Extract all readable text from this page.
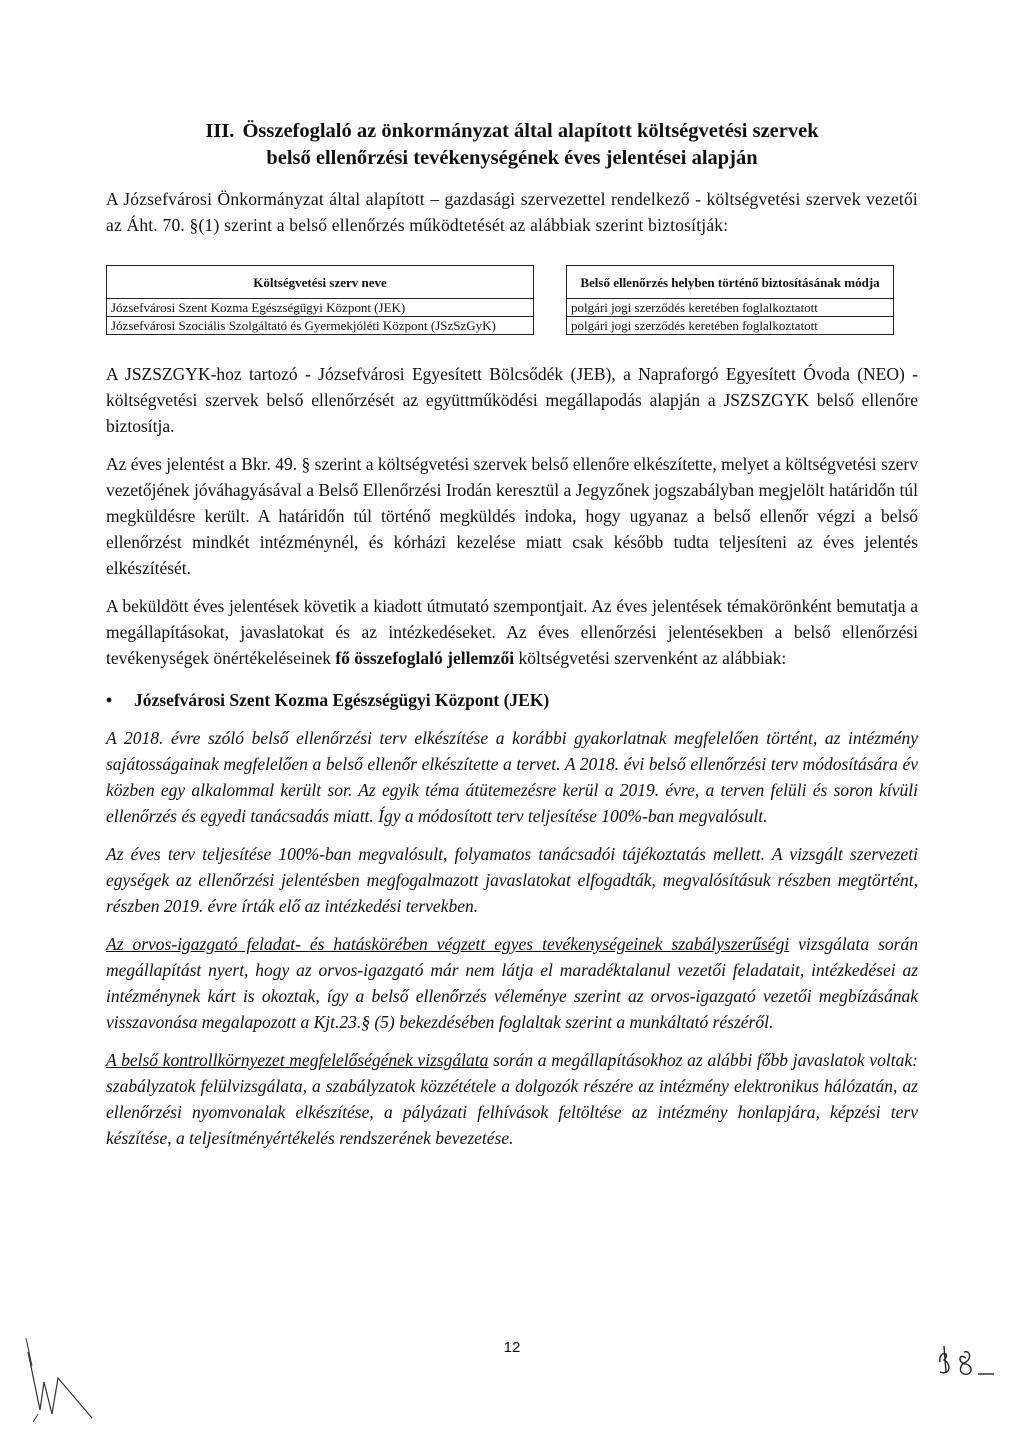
III. Összefoglaló az önkormányzat által alapított költségvetési szervek
belső ellenőrzési tevékenységének éves jelentései alapján

A Józsefvárosi Önkormányzat által alapított – gazdasági szervezettel rendelkező - költségvetési szervek vezetői az Áht. 70. §(1) szerint a belső ellenőrzés működtetését az alábbiak szerint biztosítják:

Költségvetési szerv neve		Belső ellenőrzés helyben történő biztosításának módja
Józsefvárosi Szent Kozma Egészségügyi Központ (JEK)		polgári jogi szerződés keretében foglalkoztatott
Józsefvárosi Szociális Szolgáltató és Gyermekjóléti Központ (JSzSzGyK)		polgári jogi szerződés keretében foglalkoztatott

A JSZSZGYK-hoz tartozó - Józsefvárosi Egyesített Bölcsődék (JEB), a Napraforgó Egyesített Óvoda (NEO) - költségvetési szervek belső ellenőrzését az együttműködési megállapodás alapján a JSZSZGYK belső ellenőre biztosítja.

Az éves jelentést a Bkr. 49. § szerint a költségvetési szervek belső ellenőre elkészítette, melyet a költségvetési szerv vezetőjének jóváhagyásával a Belső Ellenőrzési Irodán keresztül a Jegyzőnek jogszabályban megjelölt határidőn túl megküldésre került. A határidőn túl történő megküldés indoka, hogy ugyanaz a belső ellenőr végzi a belső ellenőrzést mindkét intézménynél, és kórházi kezelése miatt csak később tudta teljesíteni az éves jelentés elkészítését.

A beküldött éves jelentések követik a kiadott útmutató szempontjait. Az éves jelentések témakörönként bemutatja a megállapításokat, javaslatokat és az intézkedéseket. Az éves ellenőrzési jelentésekben a belső ellenőrzési tevékenységek önértékeléseinek fő összefoglaló jellemzői költségvetési szervenként az alábbiak:

•	Józsefvárosi Szent Kozma Egészségügyi Központ (JEK)

A 2018. évre szóló belső ellenőrzési terv elkészítése a korábbi gyakorlatnak megfelelően történt, az intézmény sajátosságainak megfelelően a belső ellenőr elkészítette a tervet. A 2018. évi belső ellenőrzési terv módosítására év közben egy alkalommal került sor. Az egyik téma átütemezésre kerül a 2019. évre, a terven felüli és soron kívüli ellenőrzés és egyedi tanácsadás miatt. Így a módosított terv teljesítése 100%-ban megvalósult.

Az éves terv teljesítése 100%-ban megvalósult, folyamatos tanácsadói tájékoztatás mellett. A vizsgált szervezeti egységek az ellenőrzési jelentésben megfogalmazott javaslatokat elfogadták, megvalósításuk részben megtörtént, részben 2019. évre írták elő az intézkedési tervekben.

Az orvos-igazgató feladat- és hatáskörében végzett egyes tevékenységeinek szabályszerűségi vizsgálata során megállapítást nyert, hogy az orvos-igazgató már nem látja el maradéktalanul vezetői feladatait, intézkedései az intézménynek kárt is okoztak, így a belső ellenőrzés véleménye szerint az orvos-igazgató vezetői megbízásának visszavonása megalapozott a Kjt.23.§ (5) bekezdésében foglaltak szerint a munkáltató részéről.

A belső kontrollkörnyezet megfelelőségének vizsgálata során a megállapításokhoz az alábbi főbb javaslatok voltak: szabályzatok felülvizsgálata, a szabályzatok közzététele a dolgozók részére az intézmény elektronikus hálózatán, az ellenőrzési nyomvonalak elkészítése, a pályázati felhívások feltöltése az intézmény honlapjára, képzési terv készítése, a teljesítményértékelés rendszerének bevezetése.

12
